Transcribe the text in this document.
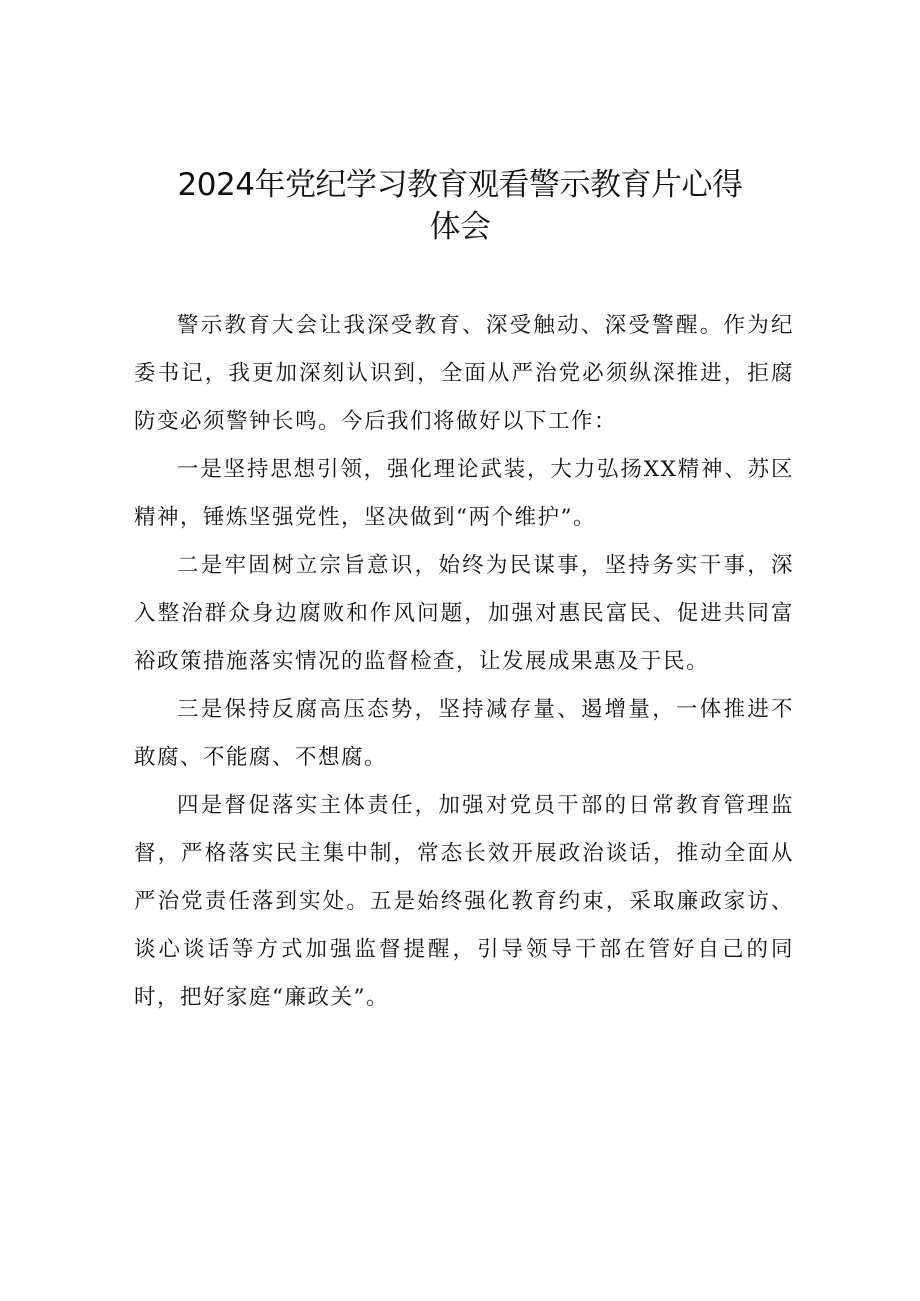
2024年党纪学习教育观看警示教育片心得
体会

警示教育大会让我深受教育、深受触动、深受警醒。作为纪委书记，我更加深刻认识到，全面从严治党必须纵深推进，拒腐防变必须警钟长鸣。今后我们将做好以下工作：

一是坚持思想引领，强化理论武装，大力弘扬XX精神、苏区精神，锤炼坚强党性，坚决做到“两个维护”。

二是牢固树立宗旨意识，始终为民谋事，坚持务实干事，深入整治群众身边腐败和作风问题，加强对惠民富民、促进共同富裕政策措施落实情况的监督检查，让发展成果惠及于民。

三是保持反腐高压态势，坚持减存量、遏增量，一体推进不敢腐、不能腐、不想腐。

四是督促落实主体责任，加强对党员干部的日常教育管理监督，严格落实民主集中制，常态长效开展政治谈话，推动全面从严治党责任落到实处。五是始终强化教育约束，采取廉政家访、谈心谈话等方式加强监督提醒，引导领导干部在管好自己的同时，把好家庭“廉政关”。
